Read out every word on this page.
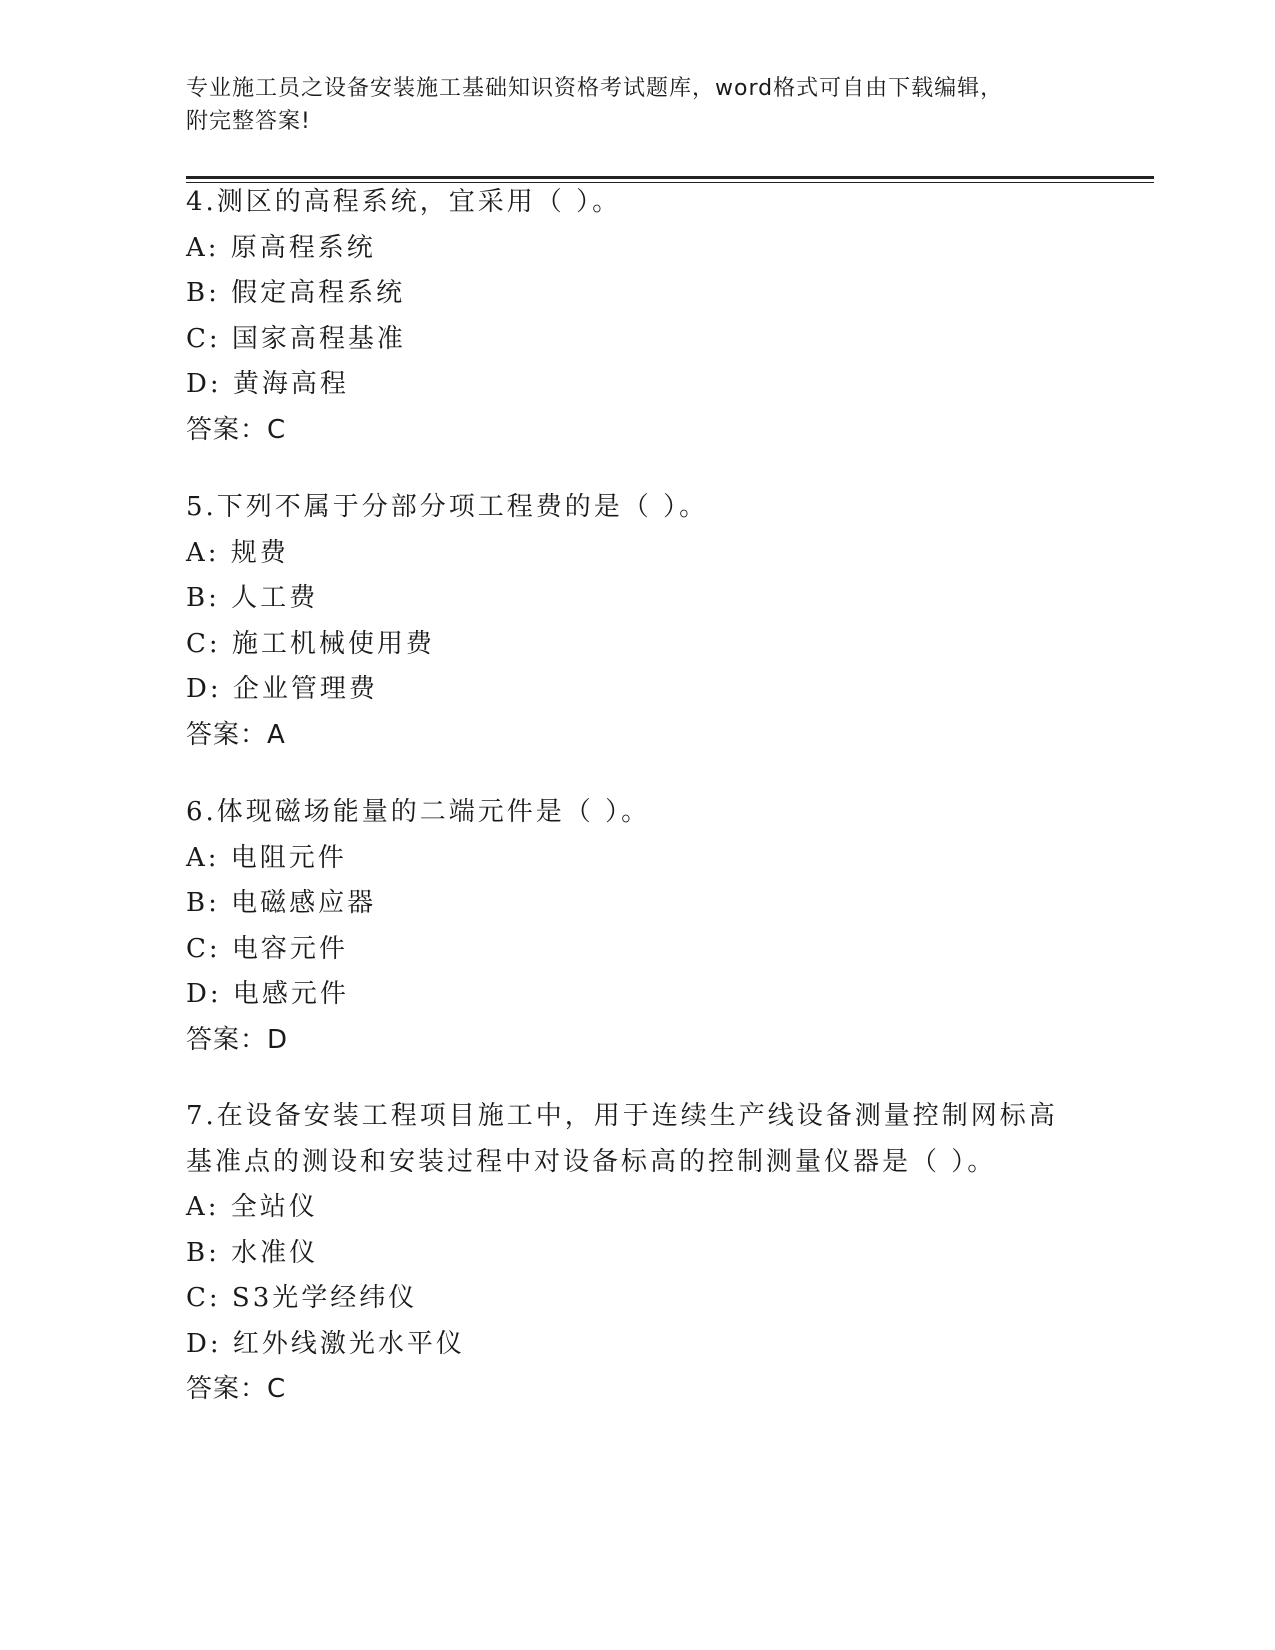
专业施工员之设备安装施工基础知识资格考试题库，word格式可自由下载编辑，
附完整答案!
4.测区的高程系统，宜采用（ ）。
A: 原高程系统
B: 假定高程系统
C: 国家高程基准
D: 黄海高程
答案：C
5.下列不属于分部分项工程费的是（ ）。
A: 规费
B: 人工费
C: 施工机械使用费
D: 企业管理费
答案：A
6.体现磁场能量的二端元件是（ ）。
A: 电阻元件
B: 电磁感应器
C: 电容元件
D: 电感元件
答案：D
7.在设备安装工程项目施工中，用于连续生产线设备测量控制网标高
基准点的测设和安装过程中对设备标高的控制测量仪器是（ ）。
A: 全站仪
B: 水准仪
C: S3光学经纬仪
D: 红外线激光水平仪
答案：C
